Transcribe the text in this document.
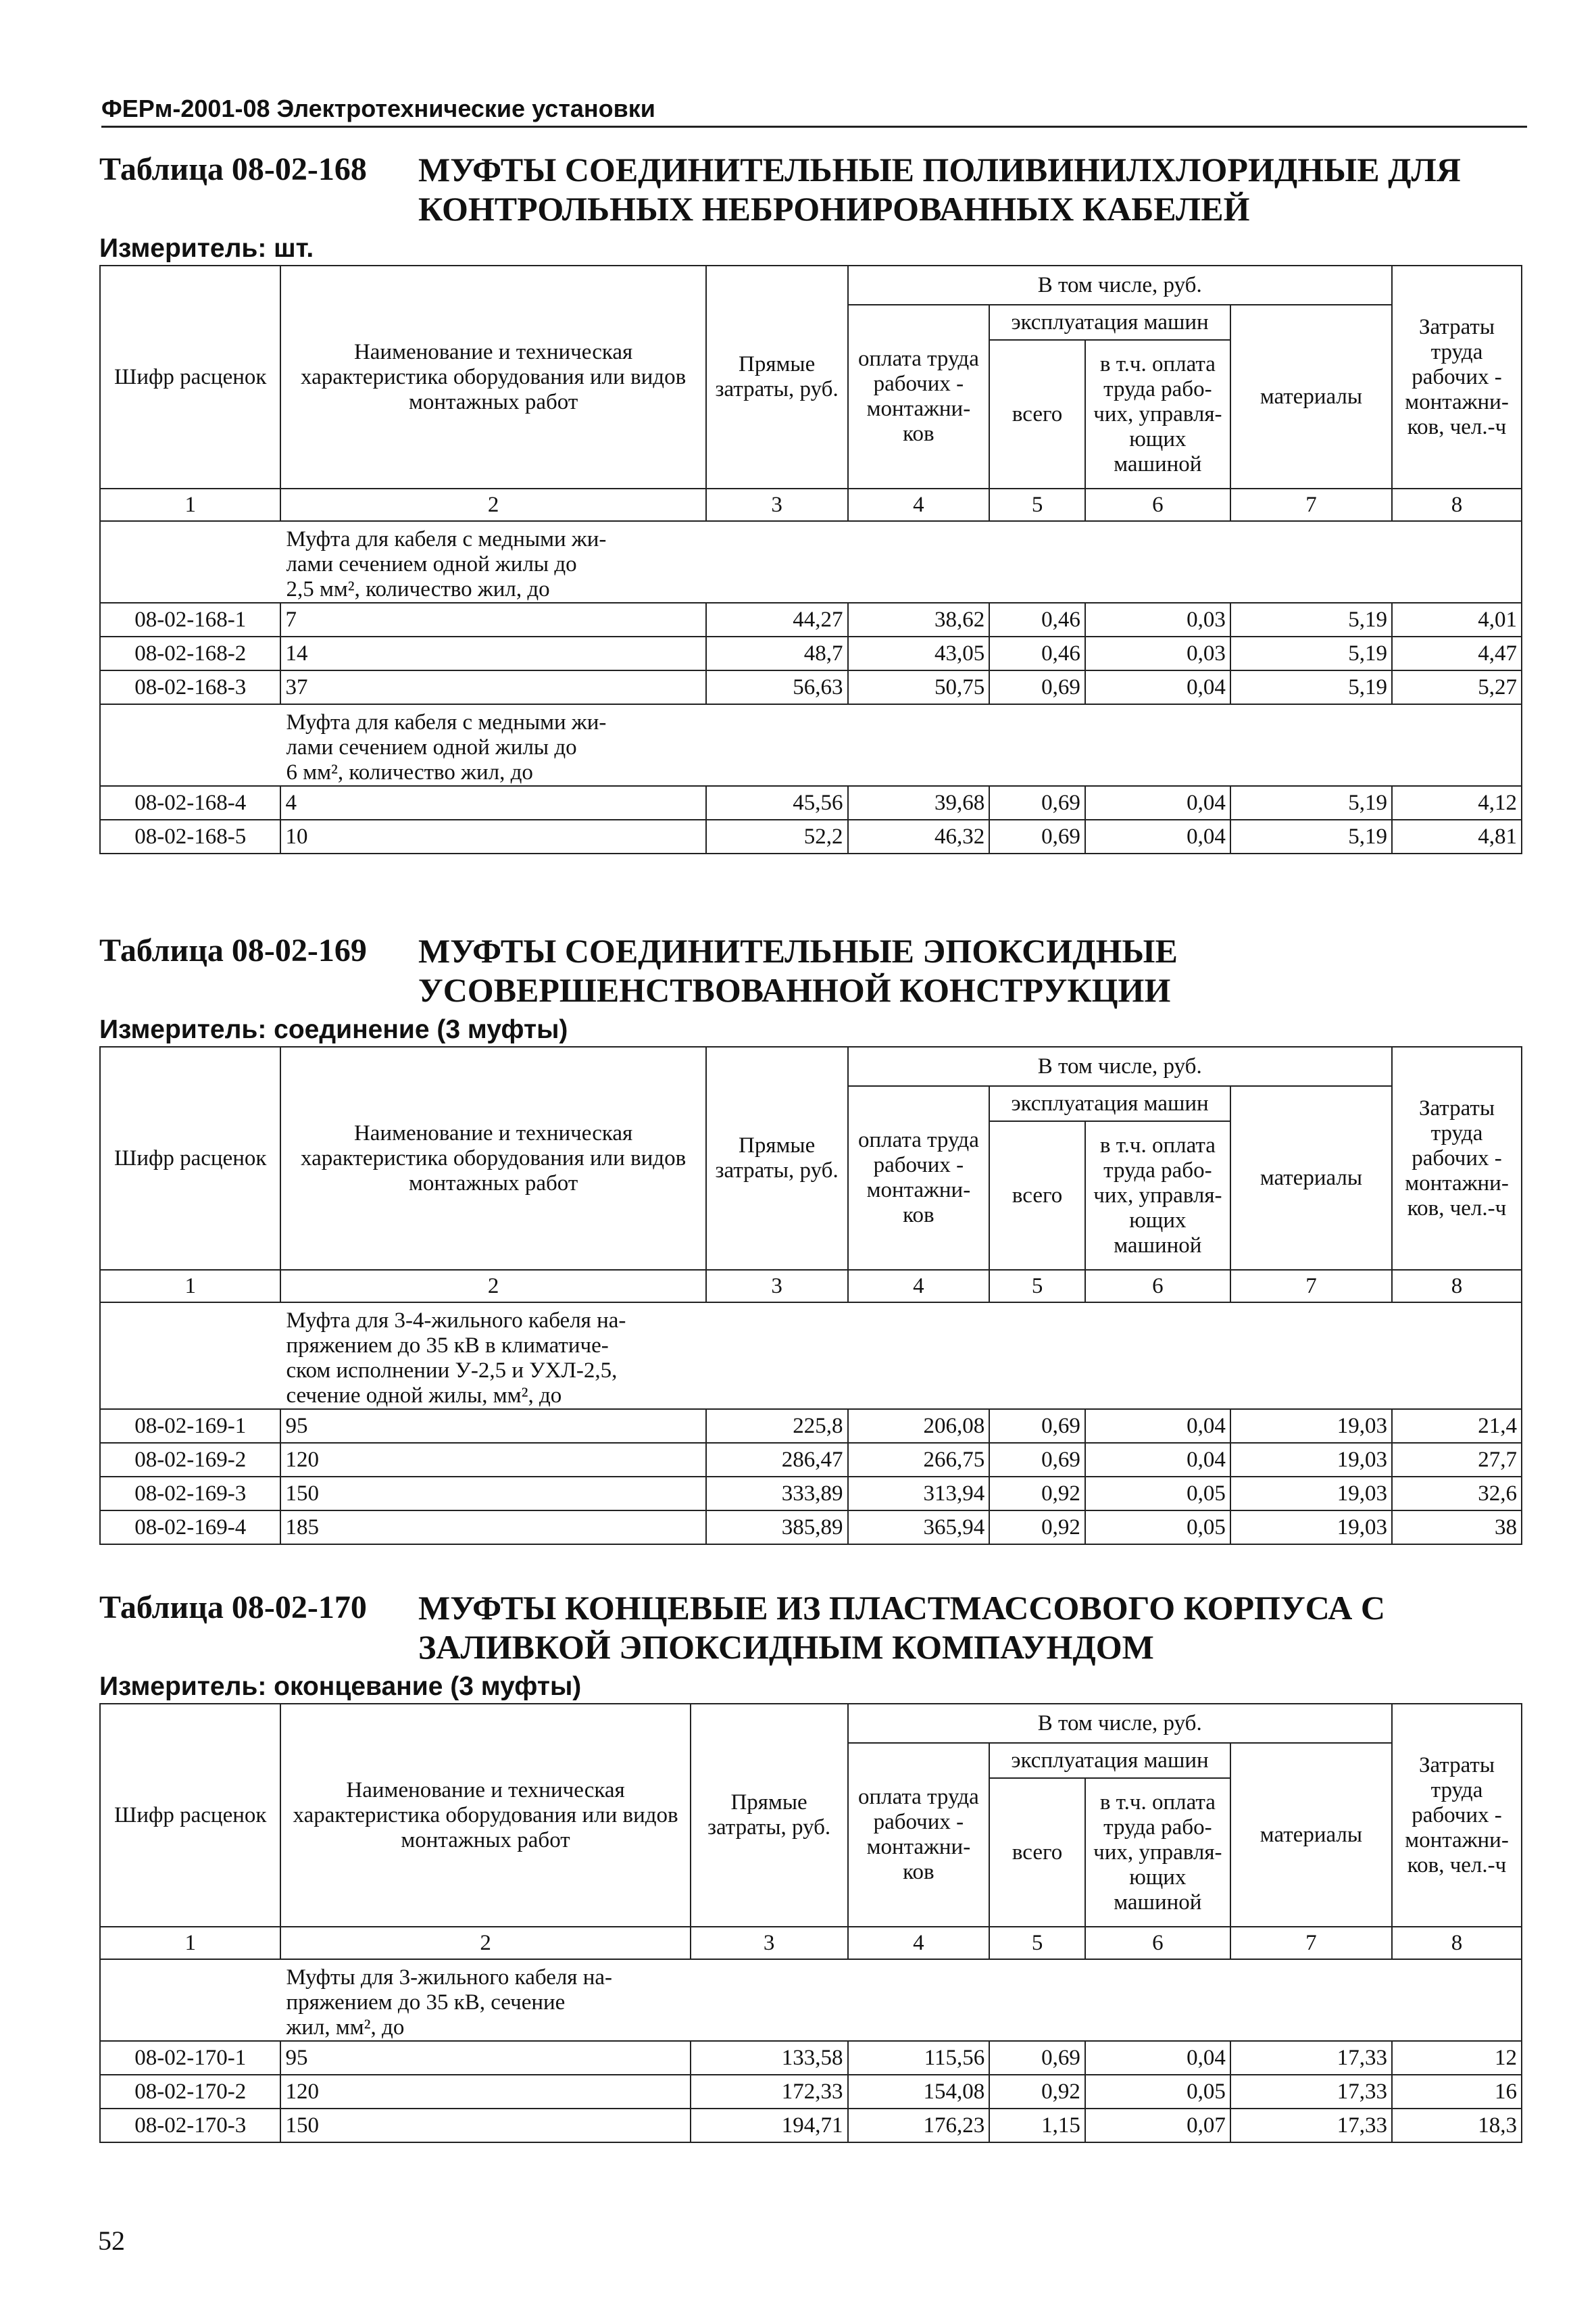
ФЕРм-2001-08 Электротехнические установки
Таблица 08-02-168	МУФТЫ СОЕДИНИТЕЛЬНЫЕ ПОЛИВИНИЛХЛОРИДНЫЕ ДЛЯ КОНТРОЛЬНЫХ НЕБРОНИРОВАННЫХ КАБЕЛЕЙ
Измеритель: шт.
Шифр расценок	Наименование и техническая характеристика оборудования или видов монтажных работ	Прямые затраты, руб.	В том числе, руб.				Затраты труда рабочих - монтажни-ков, чел.-ч
			оплата труда рабочих - монтажни-ков	эксплуатация машин		материалы	
				всего	в т.ч. оплата труда рабо-чих, управля-ющих машиной		
1	2	3	4	5	6	7	8

	Муфта для кабеля с медными жи-
лами сечением одной жилы до
2,5 мм², количество жил, до						

08-02-168-1	7	44,27	38,62	0,46	0,03	5,19	4,01
08-02-168-2	14	48,7	43,05	0,46	0,03	5,19	4,47
08-02-168-3	37	56,63	50,75	0,69	0,04	5,19	5,27

	Муфта для кабеля с медными жи-
лами сечением одной жилы до
6 мм², количество жил, до						

08-02-168-4	4	45,56	39,68	0,69	0,04	5,19	4,12
08-02-168-5	10	52,2	46,32	0,69	0,04	5,19	4,81
Таблица 08-02-169	МУФТЫ СОЕДИНИТЕЛЬНЫЕ ЭПОКСИДНЫЕ УСОВЕРШЕНСТВОВАННОЙ КОНСТРУКЦИИ
Измеритель: соединение (3 муфты)
Шифр расценок	Наименование и техническая характеристика оборудования или видов монтажных работ	Прямые затраты, руб.	В том числе, руб.				Затраты труда рабочих - монтажни-ков, чел.-ч
			оплата труда рабочих - монтажни-ков	эксплуатация машин		материалы	
				всего	в т.ч. оплата труда рабо-чих, управля-ющих машиной		
1	2	3	4	5	6	7	8

	Муфта для 3-4-жильного кабеля на-
пряжением до 35 кВ в климатиче-
ском исполнении У-2,5 и УХЛ-2,5,
сечение одной жилы, мм², до						

08-02-169-1	95	225,8	206,08	0,69	0,04	19,03	21,4
08-02-169-2	120	286,47	266,75	0,69	0,04	19,03	27,7
08-02-169-3	150	333,89	313,94	0,92	0,05	19,03	32,6
08-02-169-4	185	385,89	365,94	0,92	0,05	19,03	38
Таблица 08-02-170	МУФТЫ КОНЦЕВЫЕ ИЗ ПЛАСТМАССОВОГО КОРПУСА С ЗАЛИВКОЙ ЭПОКСИДНЫМ КОМПАУНДОМ
Измеритель: оконцевание (3 муфты)
Шифр расценок	Наименование и техническая характеристика оборудования или видов монтажных работ	Прямые затраты, руб.	В том числе, руб.				Затраты труда рабочих - монтажни-ков, чел.-ч
			оплата труда рабочих - монтажни-ков	эксплуатация машин		материалы	
				всего	в т.ч. оплата труда рабо-чих, управля-ющих машиной		
1	2	3	4	5	6	7	8

	Муфты для 3-жильного кабеля на-
пряжением до 35 кВ, сечение
жил, мм², до						

08-02-170-1	95	133,58	115,56	0,69	0,04	17,33	12
08-02-170-2	120	172,33	154,08	0,92	0,05	17,33	16
08-02-170-3	150	194,71	176,23	1,15	0,07	17,33	18,3
52
